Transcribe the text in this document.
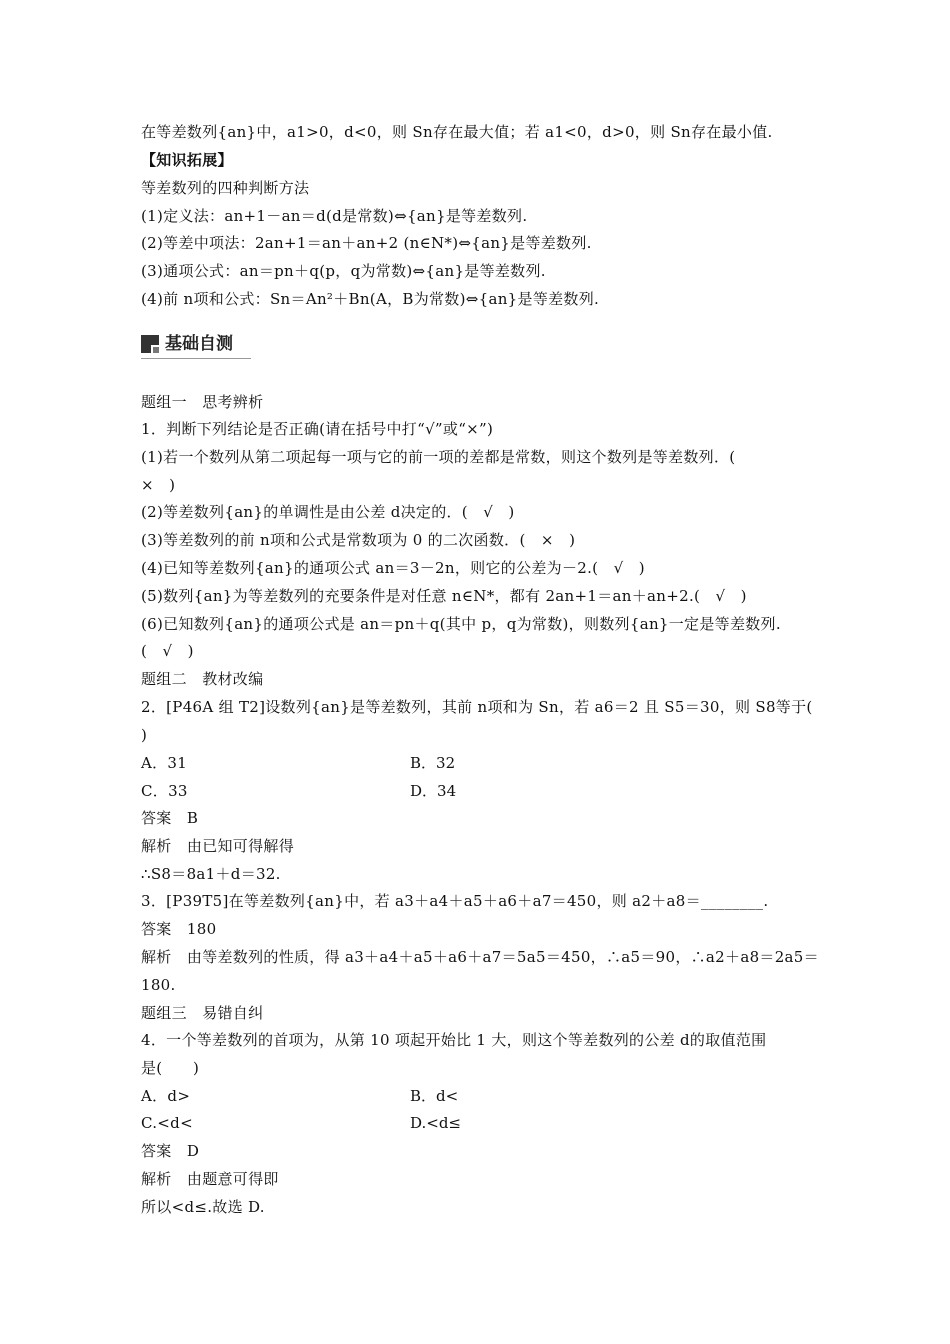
在等差数列{an}中，a1>0，d<0，则 Sn存在最大值；若 a1<0，d>0，则 Sn存在最小值.
【知识拓展】
等差数列的四种判断方法
(1)定义法：an+1－an＝d(d是常数)⇔{an}是等差数列.
(2)等差中项法：2an+1＝an＋an+2 (n∈N*)⇔{an}是等差数列.
(3)通项公式：an＝pn＋q(p，q为常数)⇔{an}是等差数列.
(4)前 n项和公式：Sn＝An²＋Bn(A，B为常数)⇔{an}是等差数列.
基础自测
题组一　思考辨析
1．判断下列结论是否正确(请在括号中打“√”或“×”)
(1)若一个数列从第二项起每一项与它的前一项的差都是常数，则这个数列是等差数列．(
×　)
(2)等差数列{an}的单调性是由公差 d决定的．(　√　)
(3)等差数列的前 n项和公式是常数项为 0 的二次函数．(　×　)
(4)已知等差数列{an}的通项公式 an＝3－2n，则它的公差为－2.(　√　)
(5)数列{an}为等差数列的充要条件是对任意 n∈N*，都有 2an+1＝an＋an+2.(　√　)
(6)已知数列{an}的通项公式是 an＝pn＋q(其中 p，q为常数)，则数列{an}一定是等差数列.
(　√　)
题组二　教材改编
2．[P46A 组 T2]设数列{an}是等差数列，其前 n项和为 Sn，若 a6＝2 且 S5＝30，则 S8等于(
)
A．31	B．32
C．33	D．34
答案　B
解析　由已知可得解得
∴S8＝8a1＋d＝32.
3．[P39T5]在等差数列{an}中，若 a3＋a4＋a5＋a6＋a7＝450，则 a2＋a8＝________.
答案　180
解析　由等差数列的性质，得 a3＋a4＋a5＋a6＋a7＝5a5＝450，∴a5＝90，∴a2＋a8＝2a5＝
180.
题组三　易错自纠
4．一个等差数列的首项为，从第 10 项起开始比 1 大，则这个等差数列的公差 d的取值范围
是(　　)
A．d>	B．d<
C.<d<	D.<d≤
答案　D
解析　由题意可得即
所以<d≤.故选 D.
